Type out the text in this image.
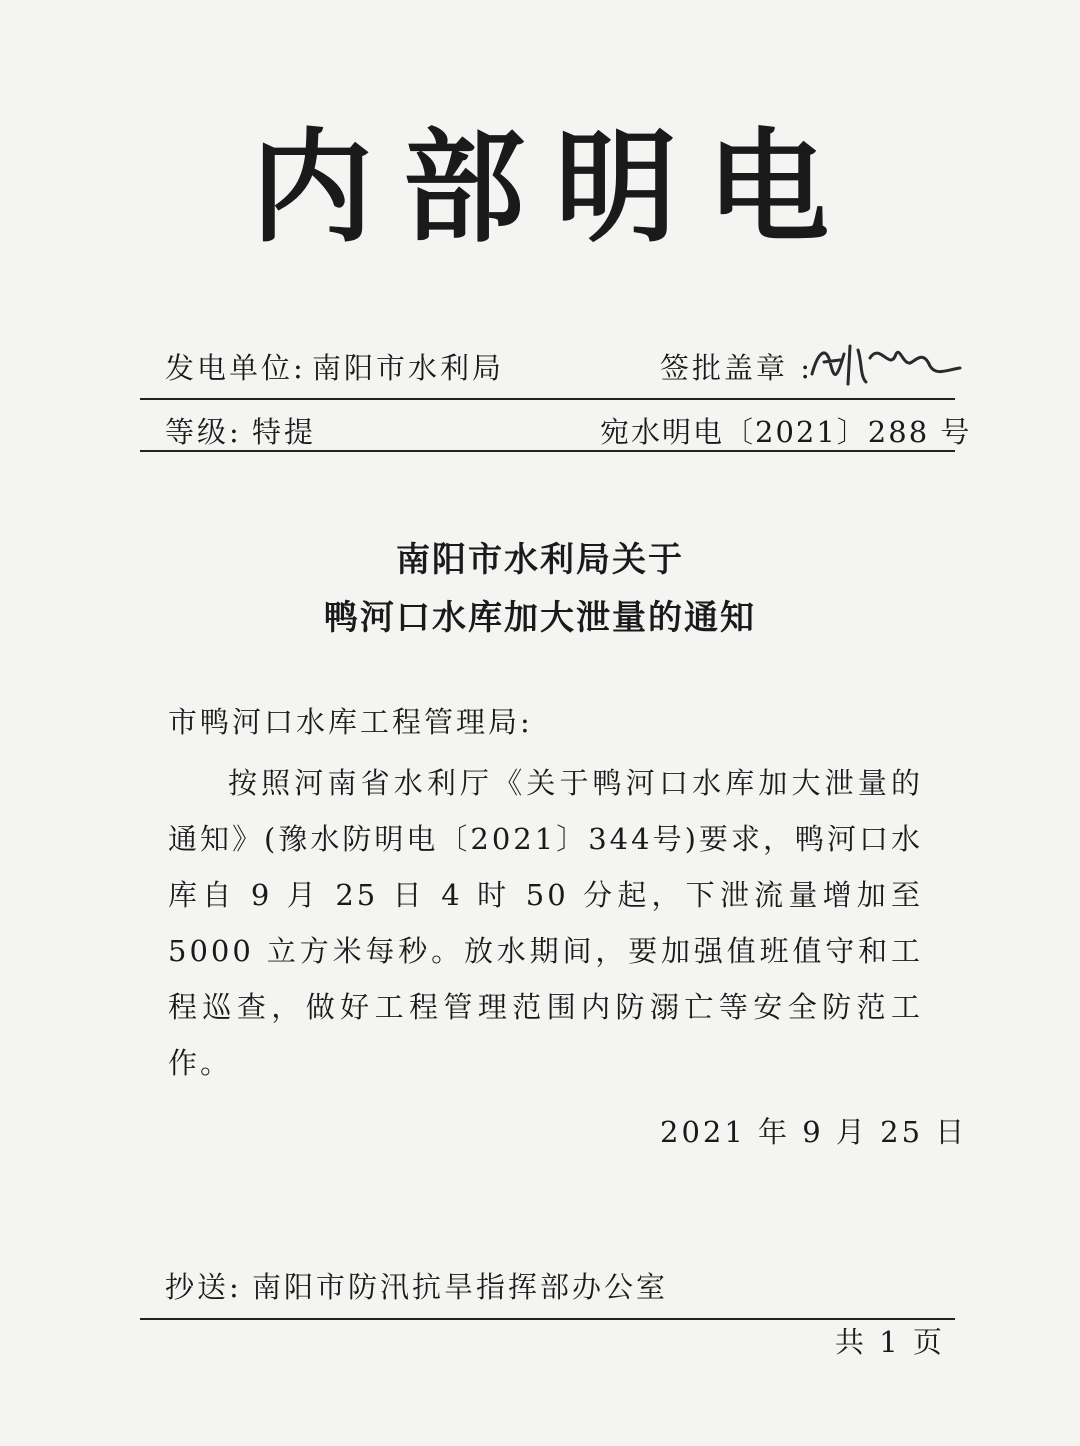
内部明电
发电单位: 南阳市水利局	签批盖章 :
等级: 特提	宛水明电〔2021〕288 号
南阳市水利局关于
鸭河口水库加大泄量的通知
市鸭河口水库工程管理局:
按照河南省水利厅《关于鸭河口水库加大泄量的通知》(豫水防明电〔2021〕344号)要求，鸭河口水库自 9 月 25 日 4 时 50 分起，下泄流量增加至 5000 立方米每秒。放水期间，要加强值班值守和工程巡查，做好工程管理范围内防溺亡等安全防范工作。
2021 年 9 月 25 日
抄送: 南阳市防汛抗旱指挥部办公室
共 1 页
